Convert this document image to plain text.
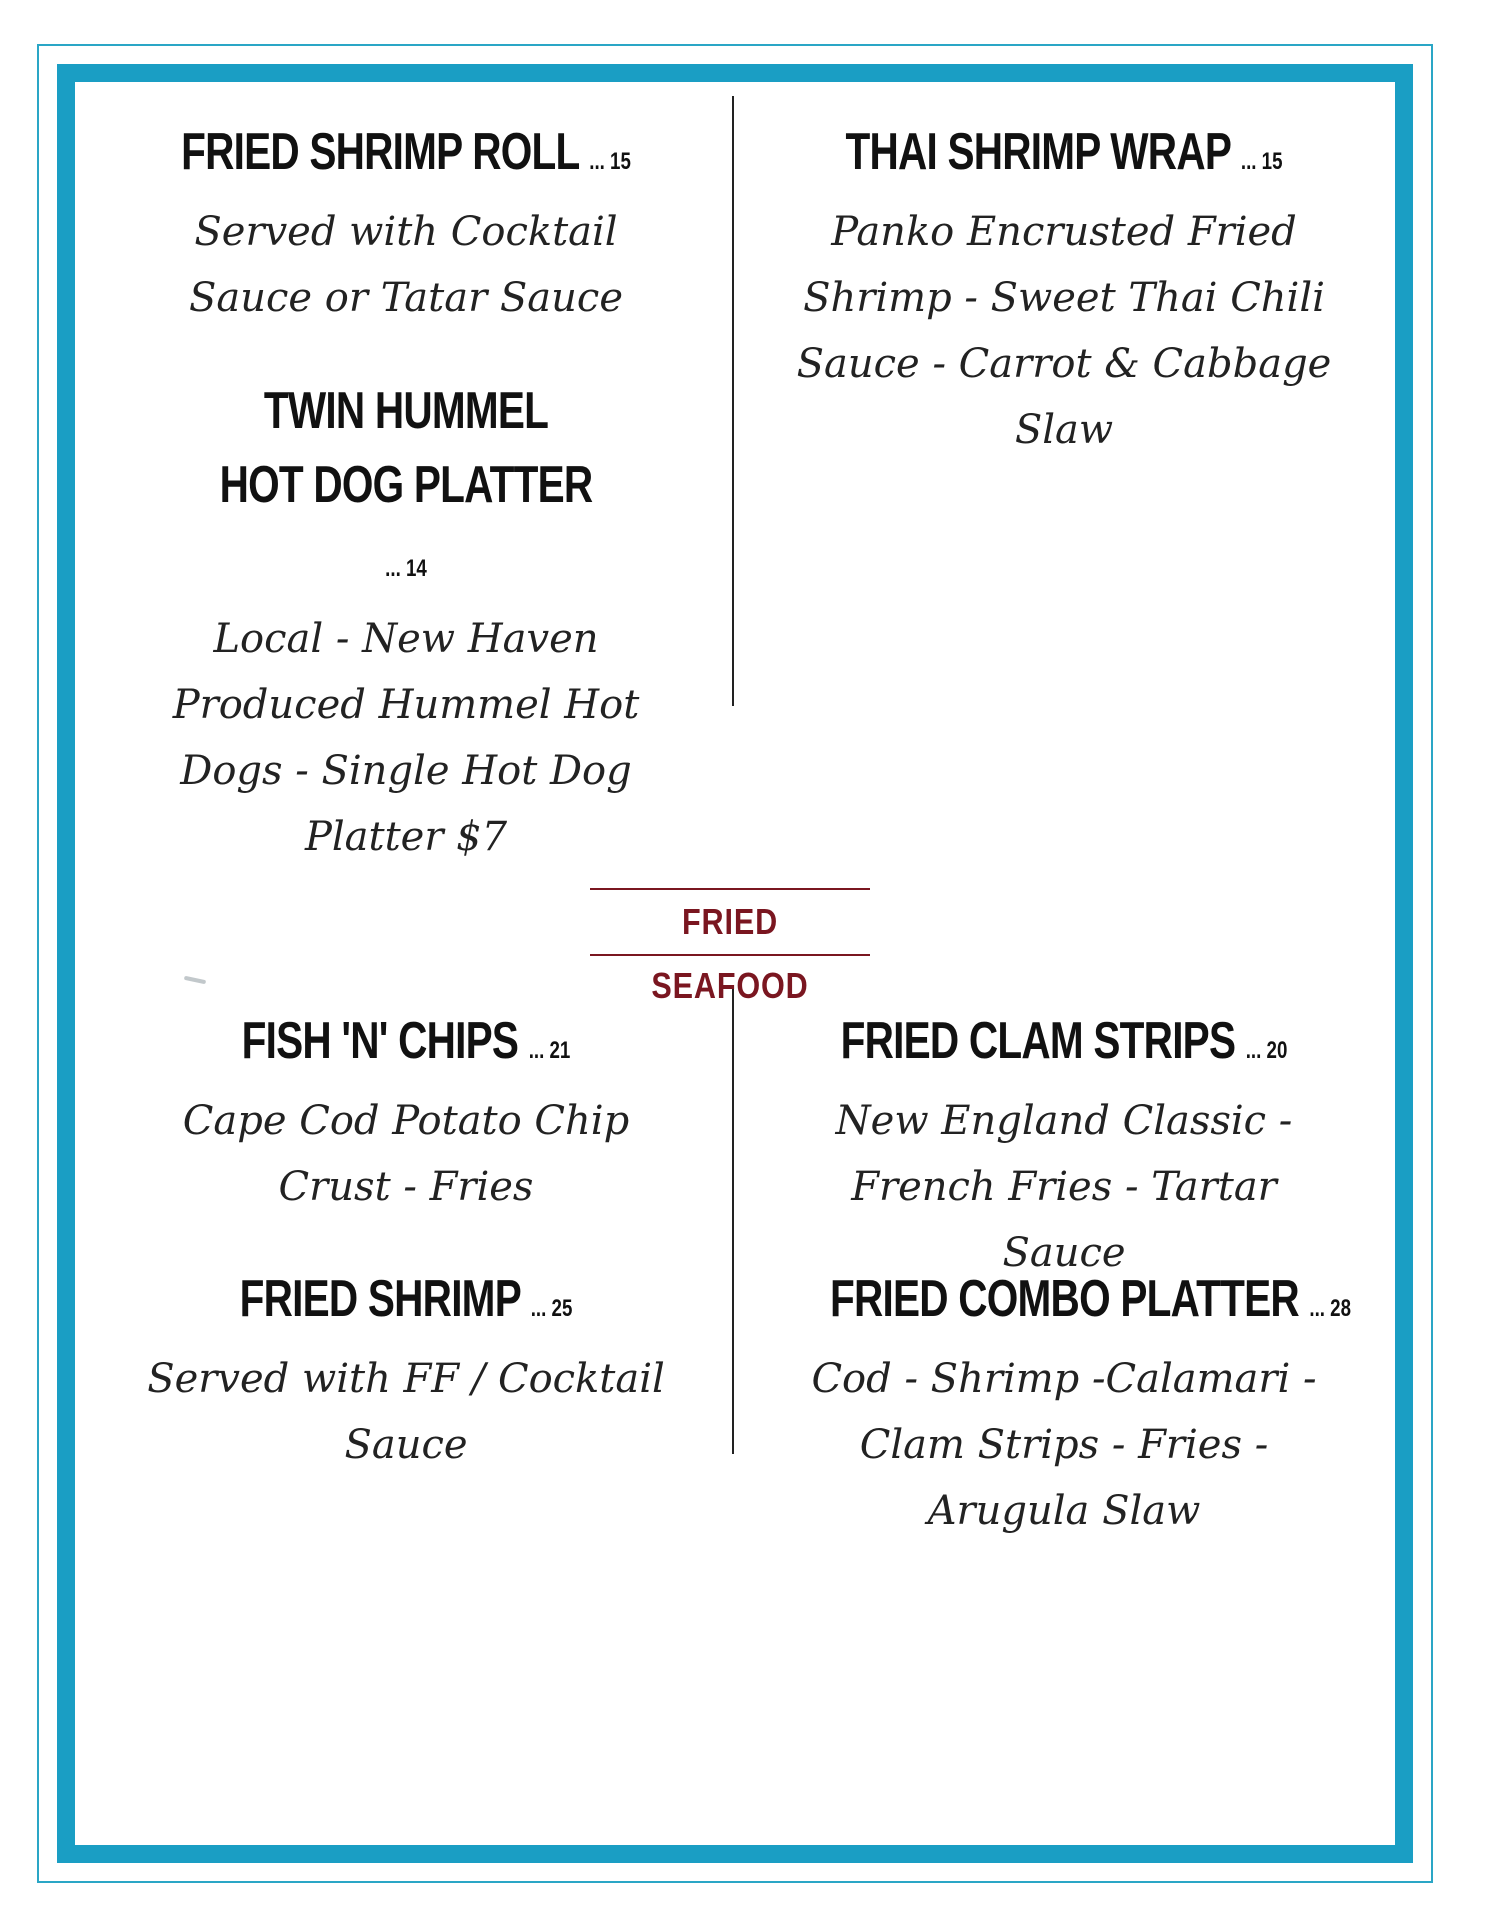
FRIED SHRIMP ROLL ... 15
Served with Cocktail Sauce or Tatar Sauce
TWIN HUMMEL HOT DOG PLATTER ... 14
Local - New Haven Produced Hummel Hot Dogs - Single Hot Dog Platter $7
THAI SHRIMP WRAP ... 15
Panko Encrusted Fried Shrimp - Sweet Thai Chili Sauce - Carrot & Cabbage Slaw
FRIED SEAFOOD
FISH 'N' CHIPS ... 21
Cape Cod Potato Chip Crust - Fries
FRIED SHRIMP ... 25
Served with FF / Cocktail Sauce
FRIED CLAM STRIPS ... 20
New England Classic - French Fries - Tartar Sauce
FRIED COMBO PLATTER ... 28
Cod - Shrimp -Calamari - Clam Strips - Fries - Arugula Slaw
